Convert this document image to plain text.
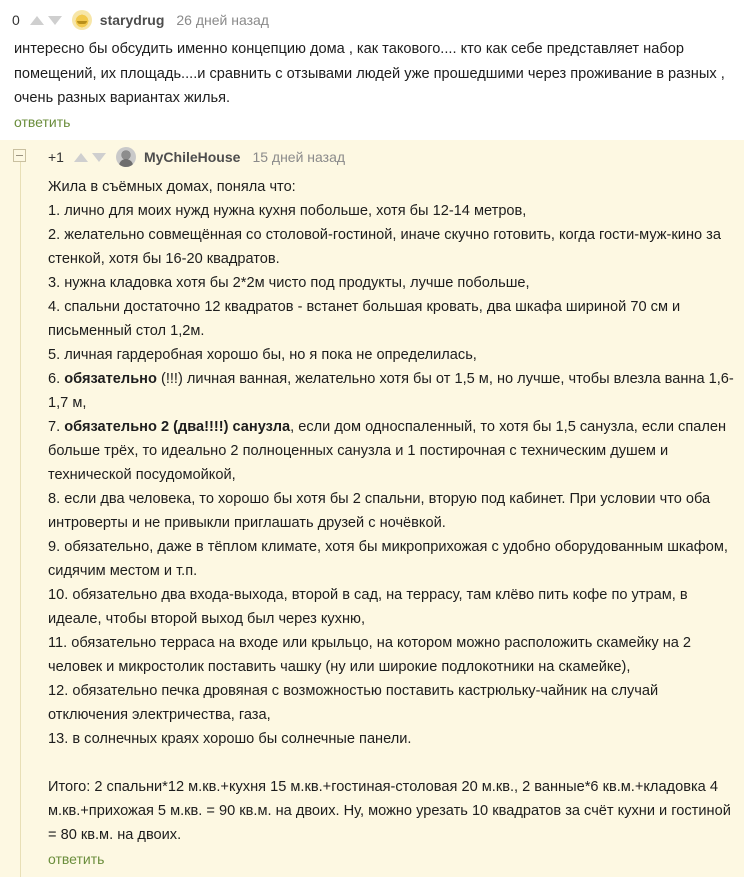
0	starydrug 26 дней назад
интересно бы обсудить именно концепцию дома , как такового.... кто как себе представляет набор помещений, их площадь....и сравнить с отзывами людей уже прошедшими через проживание в разных , очень разных вариантах жилья.
ответить
+1	MyChileHouse 15 дней назад

Жила в съёмных домах, поняла что:

1. лично для моих нужд нужна кухня побольше, хотя бы 12-14 метров,

2. желательно совмещённая со столовой-гостиной, иначе скучно готовить, когда гости-муж-кино за стенкой, хотя бы 16-20 квадратов.

3. нужна кладовка хотя бы 2*2м чисто под продукты, лучше побольше,

4. спальни достаточно 12 квадратов - встанет большая кровать, два шкафа шириной 70 см и письменный стол 1,2м.

5. личная гардеробная хорошо бы, но я пока не определилась,

6. обязательно (!!!) личная ванная, желательно хотя бы от 1,5 м, но лучше, чтобы влезла ванна 1,6-1,7 м,

7. обязательно 2 (два!!!!) санузла, если дом односпаленный, то хотя бы 1,5 санузла, если спален больше трёх, то идеально 2 полноценных санузла и 1 постирочная с техническим душем и технической посудомойкой,

8. если два человека, то хорошо бы хотя бы 2 спальни, вторую под кабинет. При условии что оба интроверты и не привыкли приглашать друзей с ночёвкой.

9. обязательно, даже в тёплом климате, хотя бы микроприхожая с удобно оборудованным шкафом, сидячим местом и т.п.

10. обязательно два входа-выхода, второй в сад, на террасу, там клёво пить кофе по утрам, в идеале, чтобы второй выход был через кухню,

11. обязательно терраса на входе или крыльцо, на котором можно расположить скамейку на 2 человек и микростолик поставить чашку (ну или широкие подлокотники на скамейке),

12. обязательно печка дровяная с возможностью поставить кастрюльку-чайник на случай отключения электричества, газа,

13. в солнечных краях хорошо бы солнечные панели.

Итого: 2 спальни*12 м.кв.+кухня 15 м.кв.+гостиная-столовая 20 м.кв., 2 ванные*6 кв.м.+кладовка 4 м.кв.+прихожая 5 м.кв. = 90 кв.м. на двоих. Ну, можно урезать 10 квадратов за счёт кухни и гостиной = 80 кв.м. на двоих.

ответить
